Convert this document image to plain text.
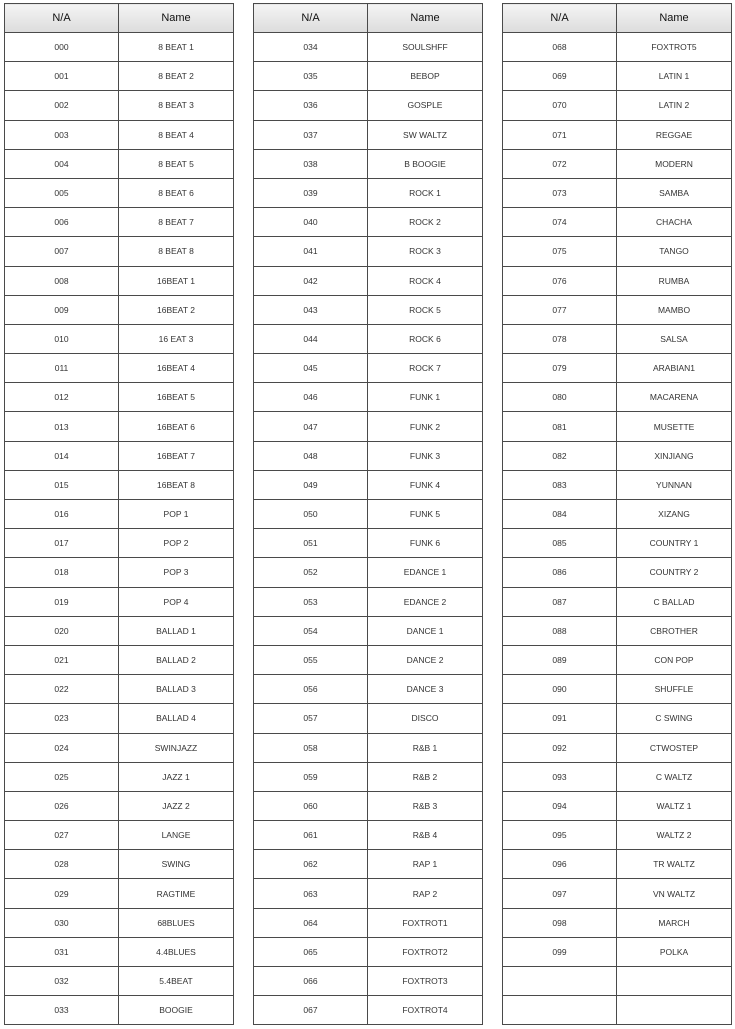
N/A	Name
000	8 BEAT 1
001	8 BEAT 2
002	8 BEAT 3
003	8 BEAT 4
004	8 BEAT 5
005	8 BEAT 6
006	8 BEAT 7
007	8 BEAT 8
008	16BEAT 1
009	16BEAT 2
010	16 EAT 3
011	16BEAT 4
012	16BEAT 5
013	16BEAT 6
014	16BEAT 7
015	16BEAT 8
016	POP 1
017	POP 2
018	POP 3
019	POP 4
020	BALLAD 1
021	BALLAD 2
022	BALLAD 3
023	BALLAD 4
024	SWINJAZZ
025	JAZZ 1
026	JAZZ 2
027	LANGE
028	SWING
029	RAGTIME
030	68BLUES
031	4.4BLUES
032	5.4BEAT
033	BOOGIE
N/A	Name
034	SOULSHFF
035	BEBOP
036	GOSPLE
037	SW WALTZ
038	B BOOGIE
039	ROCK 1
040	ROCK 2
041	ROCK 3
042	ROCK 4
043	ROCK 5
044	ROCK 6
045	ROCK 7
046	FUNK 1
047	FUNK 2
048	FUNK 3
049	FUNK 4
050	FUNK 5
051	FUNK 6
052	EDANCE 1
053	EDANCE 2
054	DANCE 1
055	DANCE 2
056	DANCE 3
057	DISCO
058	R&B 1
059	R&B 2
060	R&B 3
061	R&B 4
062	RAP 1
063	RAP 2
064	FOXTROT1
065	FOXTROT2
066	FOXTROT3
067	FOXTROT4
N/A	Name
068	FOXTROT5
069	LATIN 1
070	LATIN 2
071	REGGAE
072	MODERN
073	SAMBA
074	CHACHA
075	TANGO
076	RUMBA
077	MAMBO
078	SALSA
079	ARABIAN1
080	MACARENA
081	MUSETTE
082	XINJIANG
083	YUNNAN
084	XIZANG
085	COUNTRY 1
086	COUNTRY 2
087	C BALLAD
088	CBROTHER
089	CON POP
090	SHUFFLE
091	C SWING
092	CTWOSTEP
093	C WALTZ
094	WALTZ 1
095	WALTZ 2
096	TR WALTZ
097	VN WALTZ
098	MARCH
099	POLKA
